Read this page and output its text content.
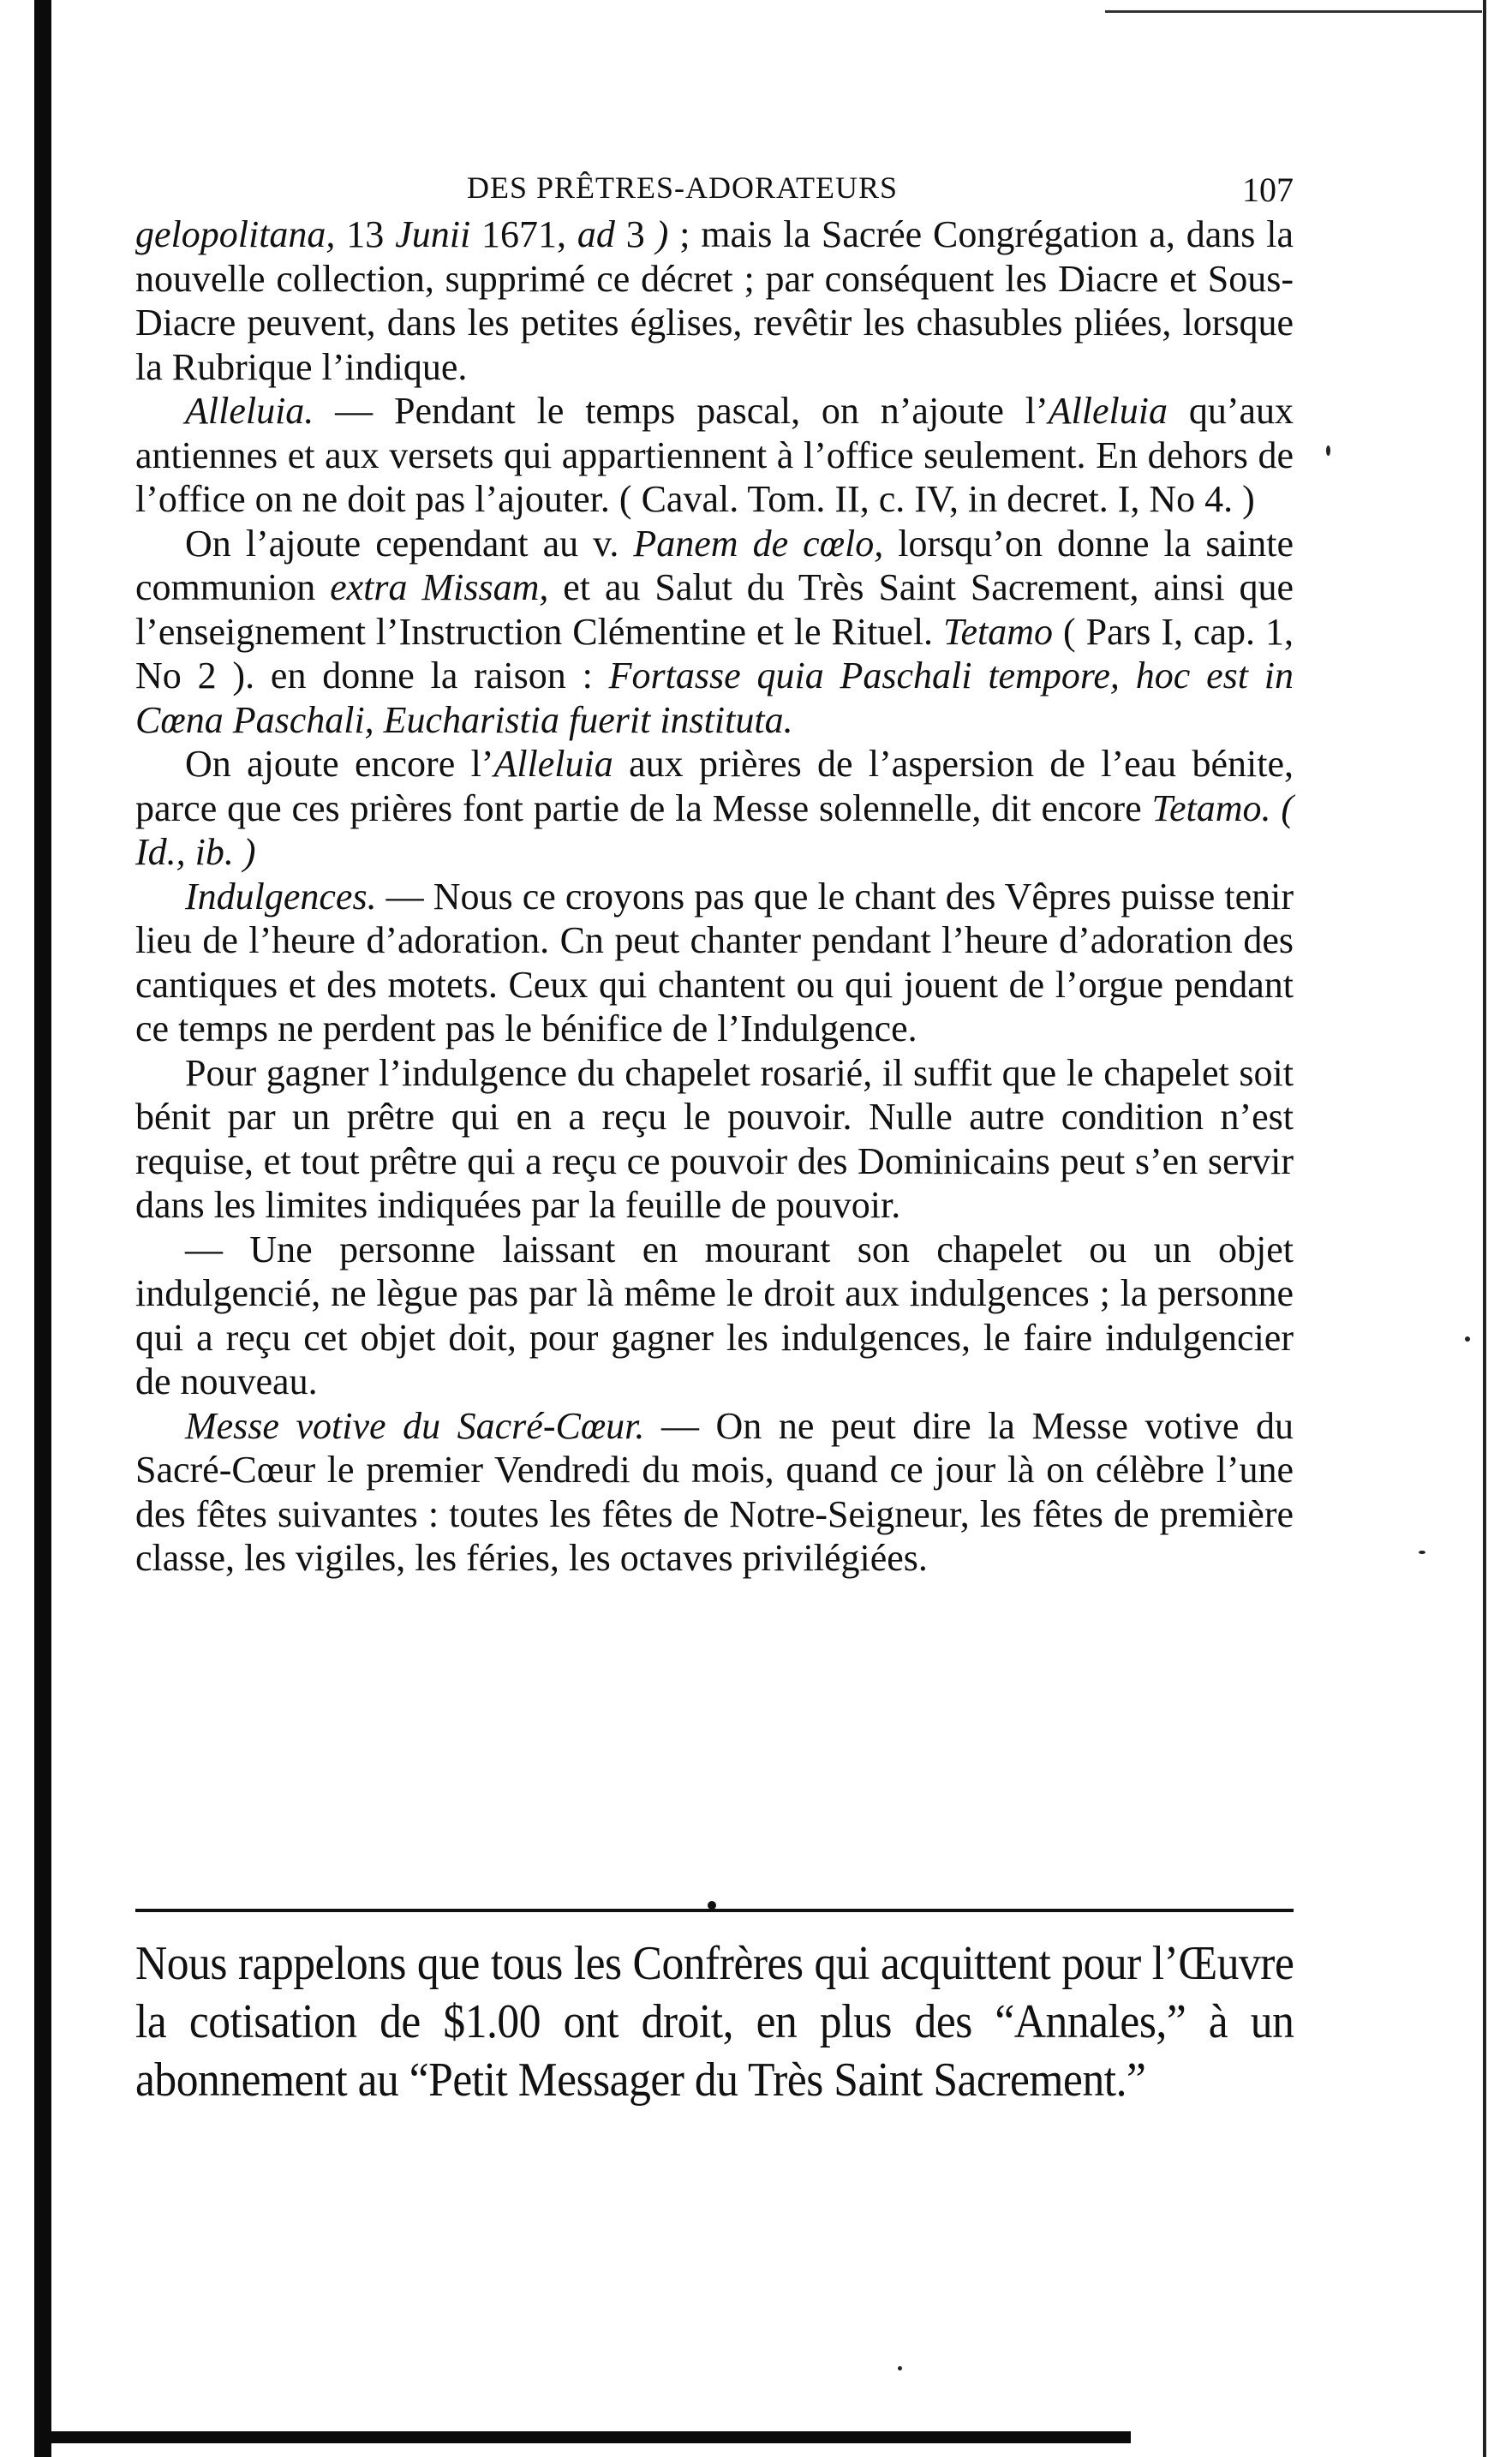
DES PRÊTRES-ADORATEURS	107

gelopolitana, 13 Junii 1671, ad 3 ) ; mais la Sacrée Congrégation a, dans la nouvelle collection, supprimé ce décret ; par conséquent les Diacre et Sous-Diacre peuvent, dans les petites églises, revêtir les chasubles pliées, lorsque la Rubrique l’indique.

Alleluia. — Pendant le temps pascal, on n’ajoute l’Alleluia qu’aux antiennes et aux versets qui appartiennent à l’office seulement. En dehors de l’office on ne doit pas l’ajouter. ( Caval. Tom. II, c. IV, in decret. I, No 4. )

On l’ajoute cependant au v. Panem de cœlo, lorsqu’on donne la sainte communion extra Missam, et au Salut du Très Saint Sacrement, ainsi que l’enseignement l’Instruction Clémentine et le Rituel. Tetamo ( Pars I, cap. 1, No 2 ). en donne la raison : Fortasse quia Paschali tempore, hoc est in Cœna Paschali, Eucharistia fuerit instituta.

On ajoute encore l’Alleluia aux prières de l’aspersion de l’eau bénite, parce que ces prières font partie de la Messe solennelle, dit encore Tetamo. ( Id., ib. )

Indulgences. — Nous ce croyons pas que le chant des Vêpres puisse tenir lieu de l’heure d’adoration. Cn peut chanter pendant l’heure d’adoration des cantiques et des motets. Ceux qui chantent ou qui jouent de l’orgue pendant ce temps ne perdent pas le bénifice de l’Indulgence.

Pour gagner l’indulgence du chapelet rosarié, il suffit que le chapelet soit bénit par un prêtre qui en a reçu le pouvoir. Nulle autre condition n’est requise, et tout prêtre qui a reçu ce pouvoir des Dominicains peut s’en servir dans les limites indiquées par la feuille de pouvoir.

— Une personne laissant en mourant son chapelet ou un objet indulgencié, ne lègue pas par là même le droit aux indulgences ; la personne qui a reçu cet objet doit, pour gagner les indulgences, le faire indulgencier de nouveau.

Messe votive du Sacré-Cœur. — On ne peut dire la Messe votive du Sacré-Cœur le premier Vendredi du mois, quand ce jour là on célèbre l’une des fêtes suivantes : toutes les fêtes de Notre-Seigneur, les fêtes de première classe, les vigiles, les féries, les octaves privilégiées.

Nous rappelons que tous les Confrères qui acquittent pour l’Œuvre la cotisation de $1.00 ont droit, en plus des “Annales,” à un abonnement au “Petit Messager du Très Saint Sacrement.”
